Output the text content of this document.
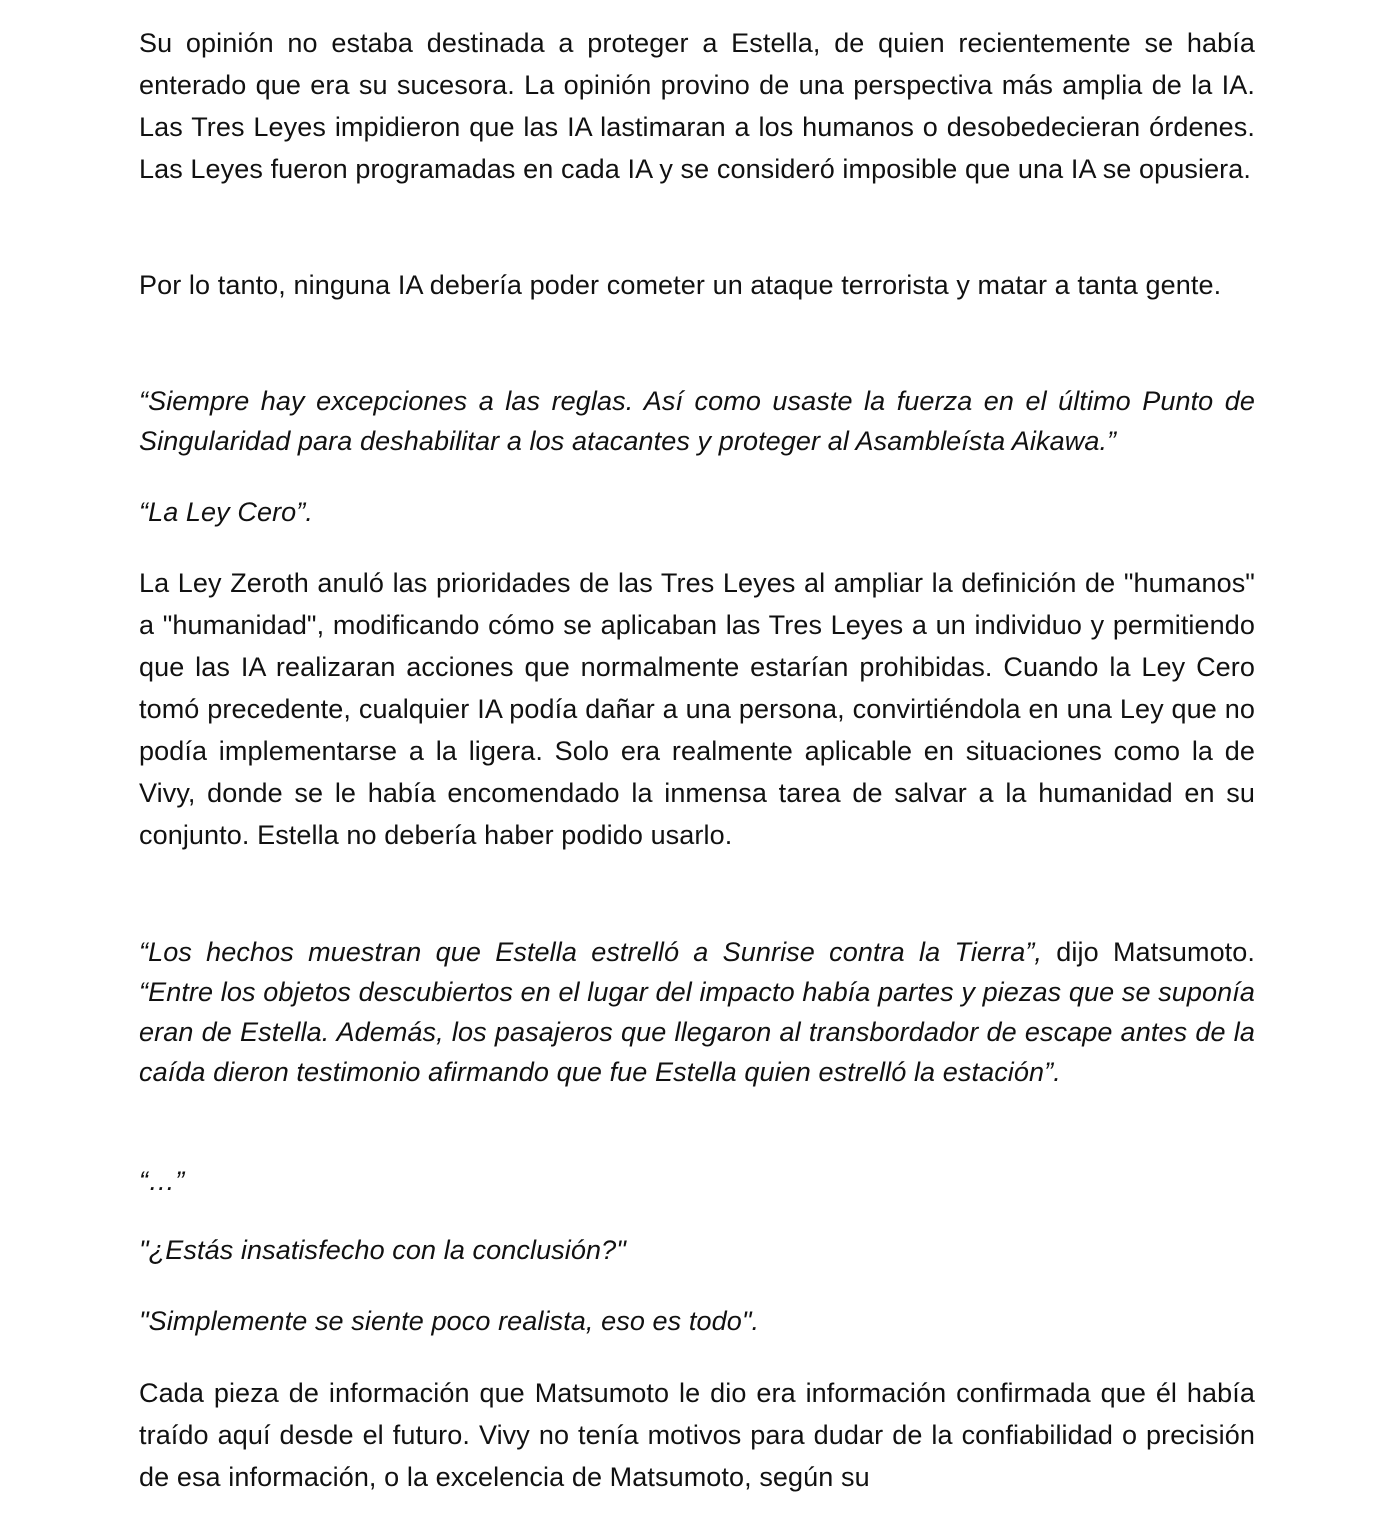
Su opinión no estaba destinada a proteger a Estella, de quien recientemente se había enterado que era su sucesora. La opinión provino de una perspectiva más amplia de la IA. Las Tres Leyes impidieron que las IA lastimaran a los humanos o desobedecieran órdenes. Las Leyes fueron programadas en cada IA y se consideró imposible que una IA se opusiera.

Por lo tanto, ninguna IA debería poder cometer un ataque terrorista y matar a tanta gente.

“Siempre hay excepciones a las reglas. Así como usaste la fuerza en el último Punto de Singularidad para deshabilitar a los atacantes y proteger al Asambleísta Aikawa.”

“La Ley Cero”.

La Ley Zeroth anuló las prioridades de las Tres Leyes al ampliar la definición de "humanos" a "humanidad", modificando cómo se aplicaban las Tres Leyes a un individuo y permitiendo que las IA realizaran acciones que normalmente estarían prohibidas. Cuando la Ley Cero tomó precedente, cualquier IA podía dañar a una persona, convirtiéndola en una Ley que no podía implementarse a la ligera. Solo era realmente aplicable en situaciones como la de Vivy, donde se le había encomendado la inmensa tarea de salvar a la humanidad en su conjunto. Estella no debería haber podido usarlo.

“Los hechos muestran que Estella estrelló a Sunrise contra la Tierra”, dijo Matsumoto. “Entre los objetos descubiertos en el lugar del impacto había partes y piezas que se suponía eran de Estella. Además, los pasajeros que llegaron al transbordador de escape antes de la caída dieron testimonio afirmando que fue Estella quien estrelló la estación”.

“…”

"¿Estás insatisfecho con la conclusión?"

"Simplemente se siente poco realista, eso es todo".

Cada pieza de información que Matsumoto le dio era información confirmada que él había traído aquí desde el futuro. Vivy no tenía motivos para dudar de la confiabilidad o precisión de esa información, o la excelencia de Matsumoto, según su
